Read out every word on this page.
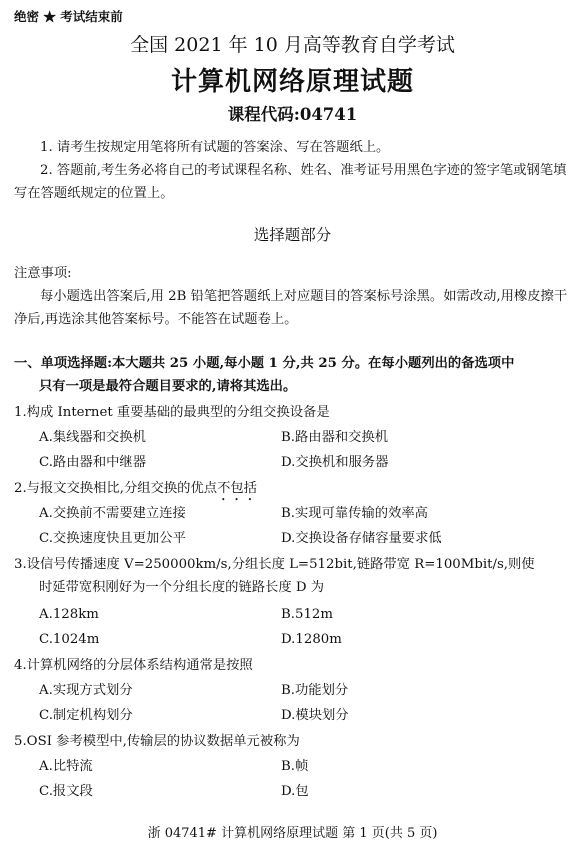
绝密 ★ 考试结束前
全国 2021 年 10 月高等教育自学考试
计算机网络原理试题
课程代码:04741
1. 请考生按规定用笔将所有试题的答案涂、写在答题纸上。
2. 答题前,考生务必将自己的考试课程名称、姓名、准考证号用黑色字迹的签字笔或钢笔填写在答题纸规定的位置上。
选择题部分
注意事项:
每小题选出答案后,用 2B 铅笔把答题纸上对应题目的答案标号涂黑。如需改动,用橡皮擦干净后,再选涂其他答案标号。不能答在试题卷上。
一、单项选择题:本大题共 25 小题,每小题 1 分,共 25 分。在每小题列出的备选项中
只有一项是最符合题目要求的,请将其选出。
1.构成 Internet 重要基础的最典型的分组交换设备是
A.集线器和交换机	B.路由器和交换机
C.路由器和中继器	D.交换机和服务器
2.与报文交换相比,分组交换的优点不包括
A.交换前不需要建立连接	B.实现可靠传输的效率高
C.交换速度快且更加公平	D.交换设备存储容量要求低
3.设信号传播速度 V=250000km/s,分组长度 L=512bit,链路带宽 R=100Mbit/s,则使
时延带宽积刚好为一个分组长度的链路长度 D 为
A.128km	B.512m
C.1024m	D.1280m
4.计算机网络的分层体系结构通常是按照
A.实现方式划分	B.功能划分
C.制定机构划分	D.模块划分
5.OSI 参考模型中,传输层的协议数据单元被称为
A.比特流	B.帧
C.报文段	D.包
浙 04741# 计算机网络原理试题 第 1 页(共 5 页)
